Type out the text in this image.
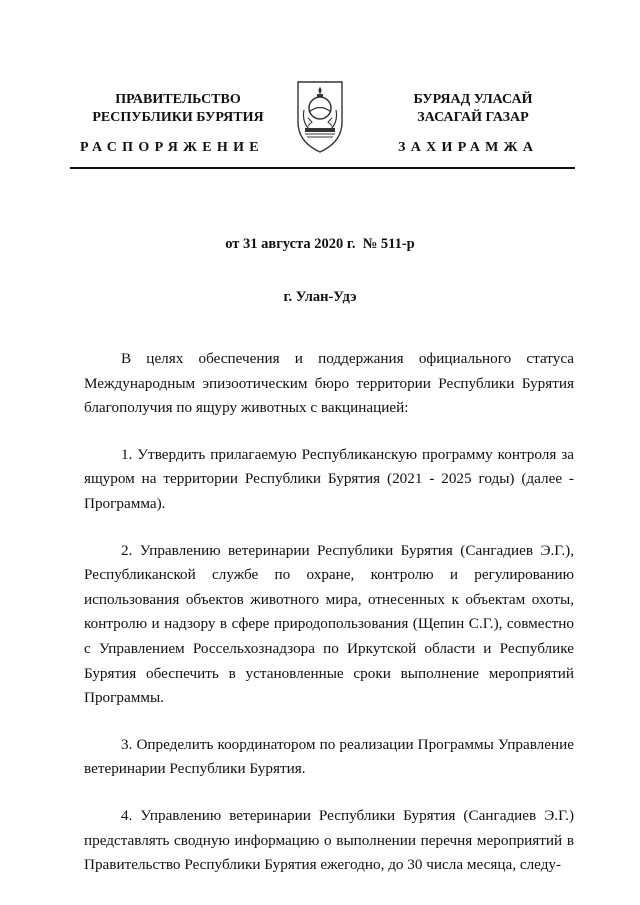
ПРАВИТЕЛЬСТВО
РЕСПУБЛИКИ БУРЯТИЯ
БУРЯАД УЛАСАЙ
ЗАСАГАЙ ГАЗАР
РАСПОРЯЖЕНИЕ	ЗАХИРАМЖА
от 31 августа 2020 г.  № 511-р
г. Улан-Удэ

В целях обеспечения и поддержания официального статуса Международным эпизоотическим бюро территории Республики Бурятия благополучия по ящуру животных с вакцинацией:

1. Утвердить прилагаемую Республиканскую программу контроля за ящуром на территории Республики Бурятия (2021 - 2025 годы) (далее - Программа).

2. Управлению ветеринарии Республики Бурятия (Сангадиев Э.Г.), Республиканской службе по охране, контролю и регулированию использования объектов животного мира, отнесенных к объектам охоты, контролю и надзору в сфере природопользования (Щепин С.Г.), совместно с Управлением Россельхознадзора по Иркутской области и Республике Бурятия обеспечить в установленные сроки выполнение мероприятий Программы.

3. Определить координатором по реализации Программы Управление ветеринарии Республики Бурятия.

4. Управлению ветеринарии Республики Бурятия (Сангадиев Э.Г.) представлять сводную информацию о выполнении перечня мероприятий в Правительство Республики Бурятия ежегодно, до 30 числа месяца, следу-
